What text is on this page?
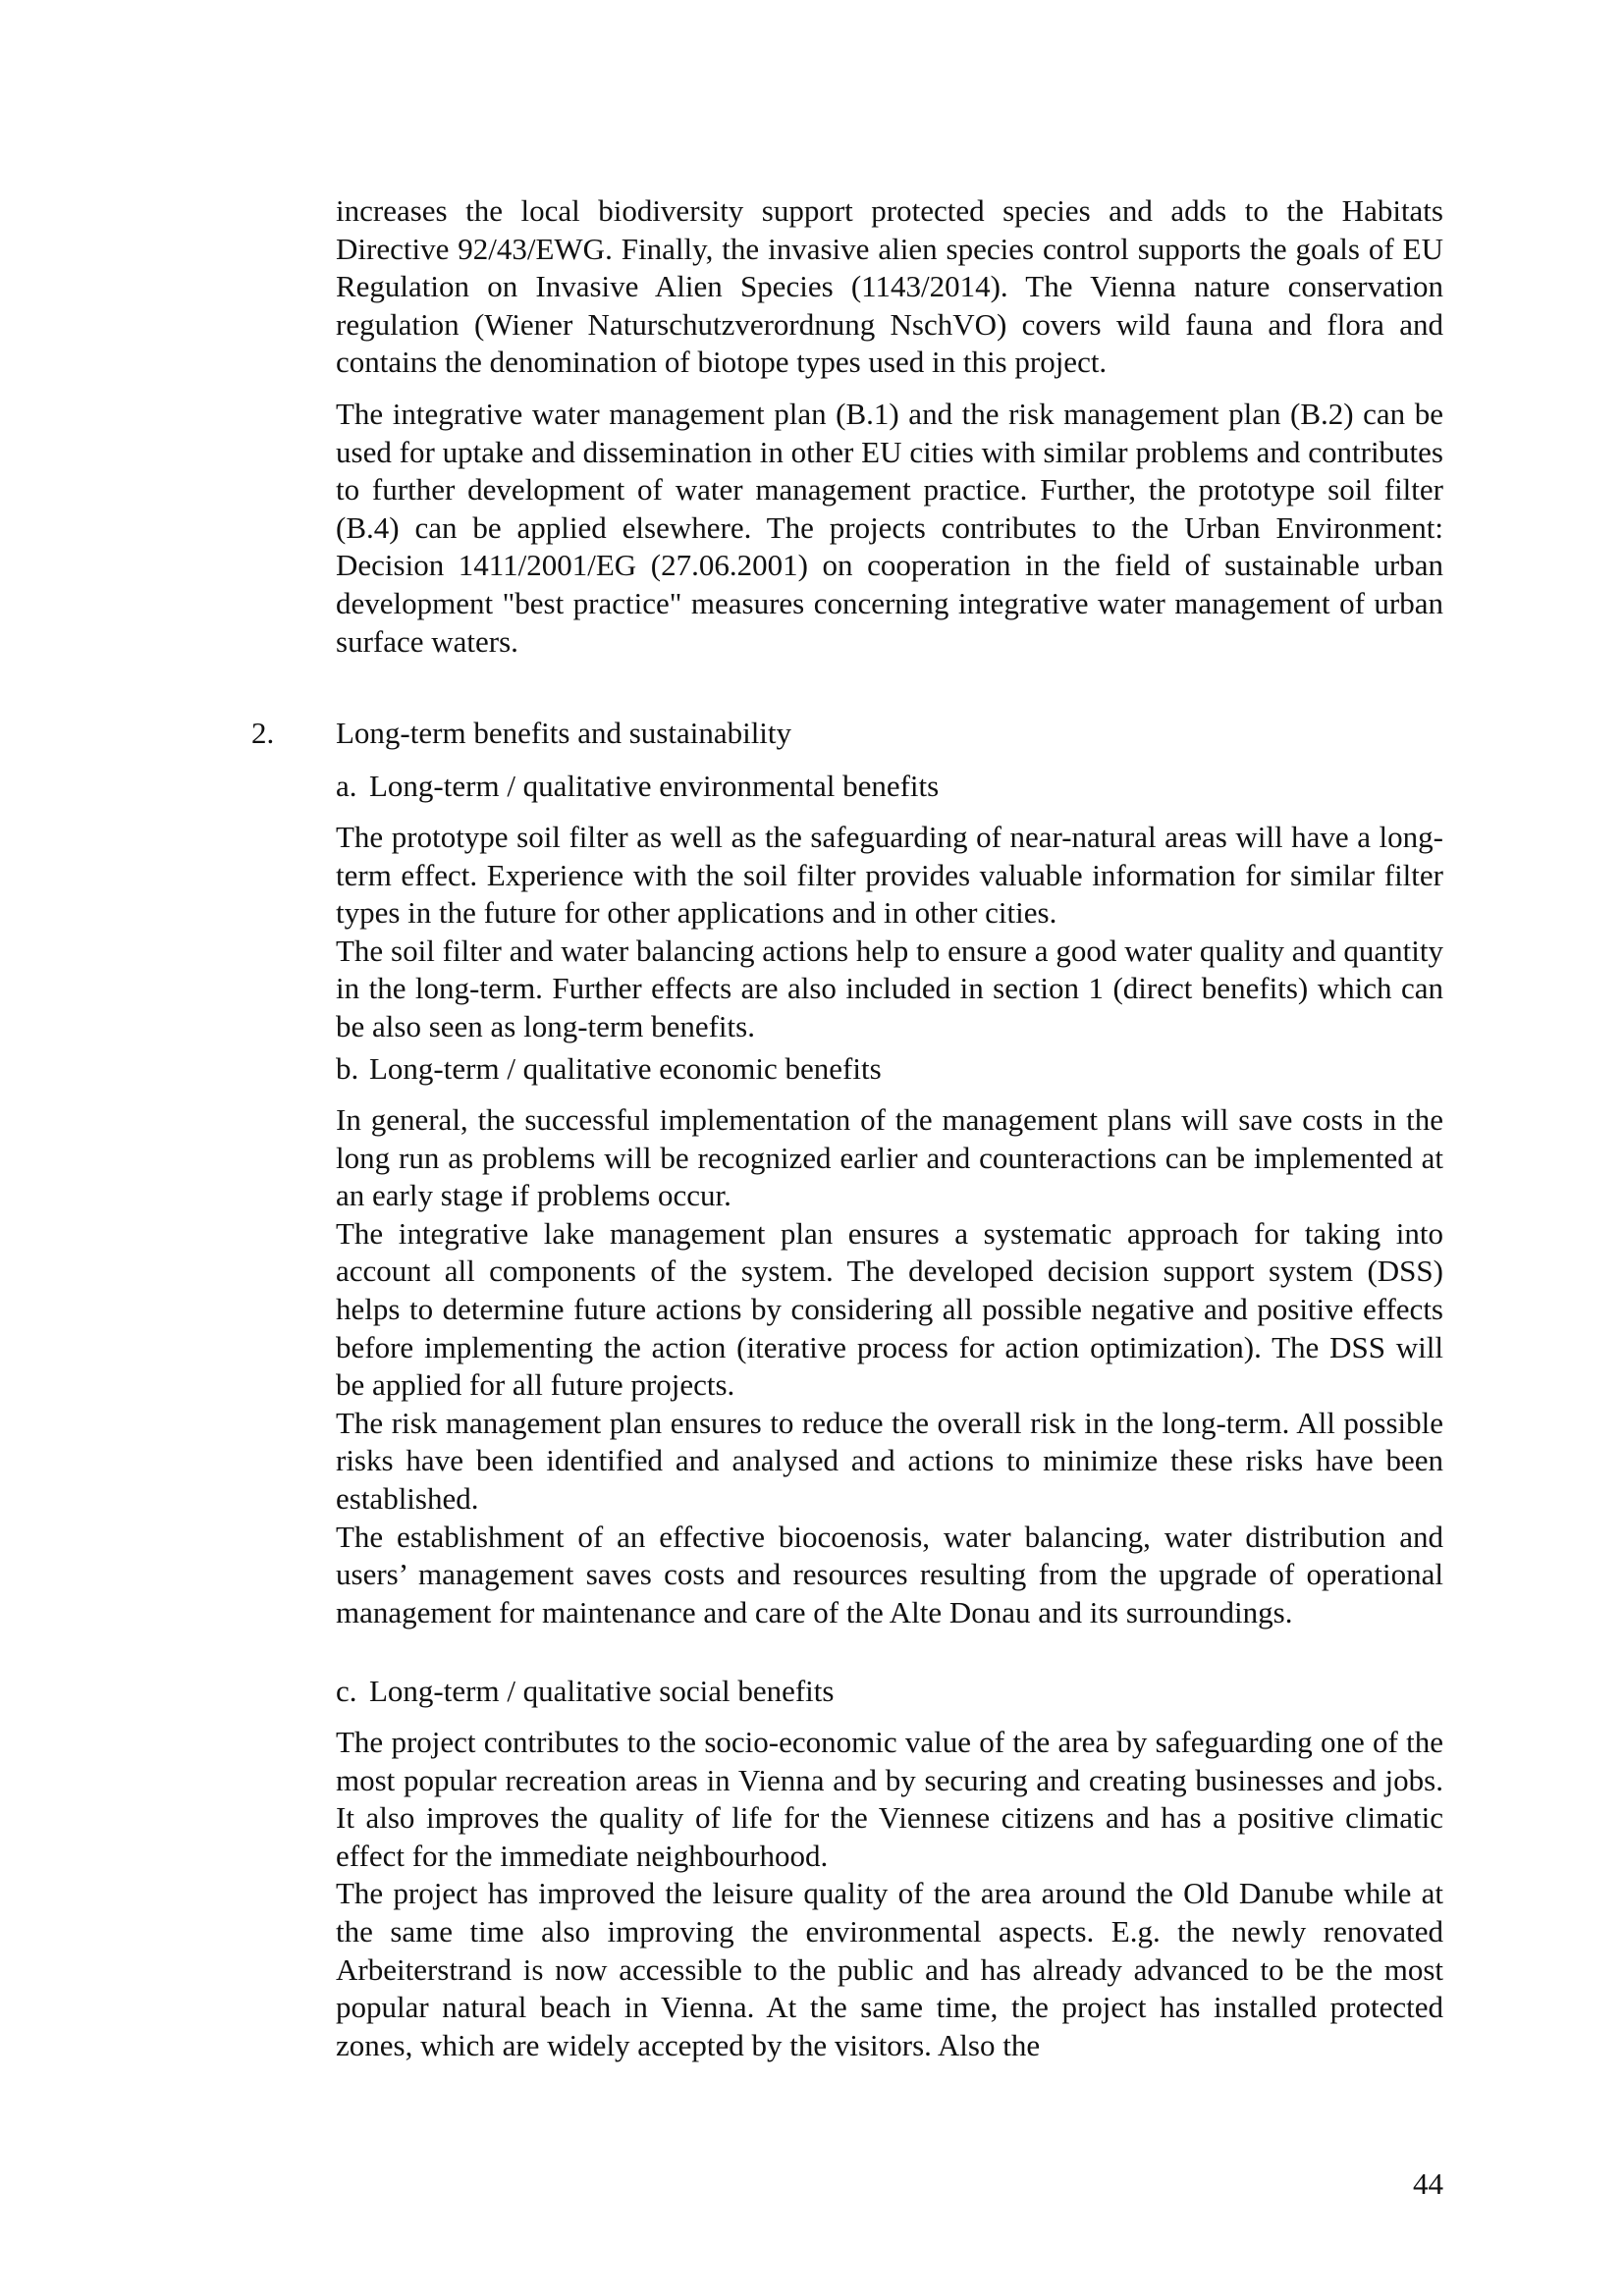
increases the local biodiversity support protected species and adds to the Habitats Directive 92/43/EWG. Finally, the invasive alien species control supports the goals of EU Regulation on Invasive Alien Species (1143/2014). The Vienna nature conservation regulation (Wiener Naturschutzverordnung NschVO) covers wild fauna and flora and contains the denomination of biotope types used in this project.

The integrative water management plan (B.1) and the risk management plan (B.2) can be used for uptake and dissemination in other EU cities with similar problems and contributes to further development of water management practice. Further, the prototype soil filter (B.4) can be applied elsewhere. The projects contributes to the Urban Environment: Decision 1411/2001/EG (27.06.2001) on cooperation in the field of sustainable urban development "best practice" measures concerning integrative water management of urban surface waters.

2. Long-term benefits and sustainability
a. Long-term / qualitative environmental benefits

The prototype soil filter as well as the safeguarding of near-natural areas will have a long-term effect. Experience with the soil filter provides valuable information for similar filter types in the future for other applications and in other cities.

The soil filter and water balancing actions help to ensure a good water quality and quantity in the long-term. Further effects are also included in section 1 (direct benefits) which can be also seen as long-term benefits.

b. Long-term / qualitative economic benefits

In general, the successful implementation of the management plans will save costs in the long run as problems will be recognized earlier and counteractions can be implemented at an early stage if problems occur.

The integrative lake management plan ensures a systematic approach for taking into account all components of the system. The developed decision support system (DSS) helps to determine future actions by considering all possible negative and positive effects before implementing the action (iterative process for action optimization). The DSS will be applied for all future projects.

The risk management plan ensures to reduce the overall risk in the long-term. All possible risks have been identified and analysed and actions to minimize these risks have been established.

The establishment of an effective biocoenosis, water balancing, water distribution and users’ management saves costs and resources resulting from the upgrade of operational management for maintenance and care of the Alte Donau and its surroundings.

c. Long-term / qualitative social benefits

The project contributes to the socio-economic value of the area by safeguarding one of the most popular recreation areas in Vienna and by securing and creating businesses and jobs. It also improves the quality of life for the Viennese citizens and has a positive climatic effect for the immediate neighbourhood.

The project has improved the leisure quality of the area around the Old Danube while at the same time also improving the environmental aspects. E.g. the newly renovated Arbeiterstrand is now accessible to the public and has already advanced to be the most popular natural beach in Vienna. At the same time, the project has installed protected zones, which are widely accepted by the visitors. Also the

44
